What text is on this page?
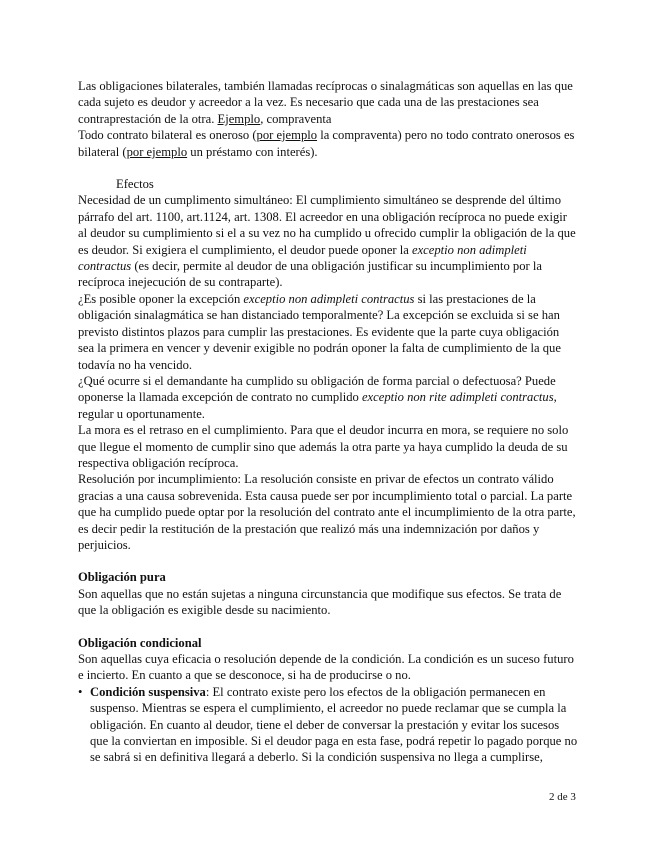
Las obligaciones bilaterales, también llamadas recíprocas o sinalagmáticas son aquellas en las que cada sujeto es deudor y acreedor a la vez. Es necesario que cada una de las prestaciones sea contraprestación de la otra. Ejemplo, compraventa

Todo contrato bilateral es oneroso (por ejemplo la compraventa) pero no todo contrato onerosos es bilateral (por ejemplo un préstamo con interés).

Efectos

Necesidad de un cumplimento simultáneo: El cumplimiento simultáneo se desprende del último párrafo del art. 1100, art.1124, art. 1308. El acreedor en una obligación recíproca no puede exigir al deudor su cumplimiento si el a su vez no ha cumplido u ofrecido cumplir la obligación de la que es deudor. Si exigiera el cumplimiento, el deudor puede oponer la exceptio non adimpleti contractus (es decir, permite al deudor de una obligación justificar su incumplimiento por la recíproca inejecución de su contraparte).

¿Es posible oponer la excepción exceptio non adimpleti contractus si las prestaciones de la obligación sinalagmática se han distanciado temporalmente? La excepción se excluida si se han previsto distintos plazos para cumplir las prestaciones. Es evidente que la parte cuya obligación sea la primera en vencer y devenir exigible no podrán oponer la falta de cumplimiento de la que todavía no ha vencido.

¿Qué ocurre si el demandante ha cumplido su obligación de forma parcial o defectuosa? Puede oponerse la llamada excepción de contrato no cumplido exceptio non rite adimpleti contractus, regular u oportunamente.

La mora es el retraso en el cumplimiento. Para que el deudor incurra en mora, se requiere no solo que llegue el momento de cumplir sino que además la otra parte ya haya cumplido la deuda de su respectiva obligación recíproca.

Resolución por incumplimiento: La resolución consiste en privar de efectos un contrato válido gracias a una causa sobrevenida. Esta causa puede ser por incumplimiento total o parcial. La parte que ha cumplido puede optar por la resolución del contrato ante el incumplimiento de la otra parte, es decir pedir la restitución de la prestación que realizó más una indemnización por daños y perjuicios.

Obligación pura

Son aquellas que no están sujetas a ninguna circunstancia que modifique sus efectos. Se trata de que la obligación es exigible desde su nacimiento.

Obligación condicional

Son aquellas cuya eficacia o resolución depende de la condición. La condición es un suceso futuro e incierto. En cuanto a que se desconoce, si ha de producirse o no.

• Condición suspensiva: El contrato existe pero los efectos de la obligación permanecen en suspenso. Mientras se espera el cumplimiento, el acreedor no puede reclamar que se cumpla la obligación. En cuanto al deudor, tiene el deber de conversar la prestación y evitar los sucesos que la conviertan en imposible. Si el deudor paga en esta fase, podrá repetir lo pagado porque no se sabrá si en definitiva llegará a deberlo. Si la condición suspensiva no llega a cumplirse,
2 de 3
